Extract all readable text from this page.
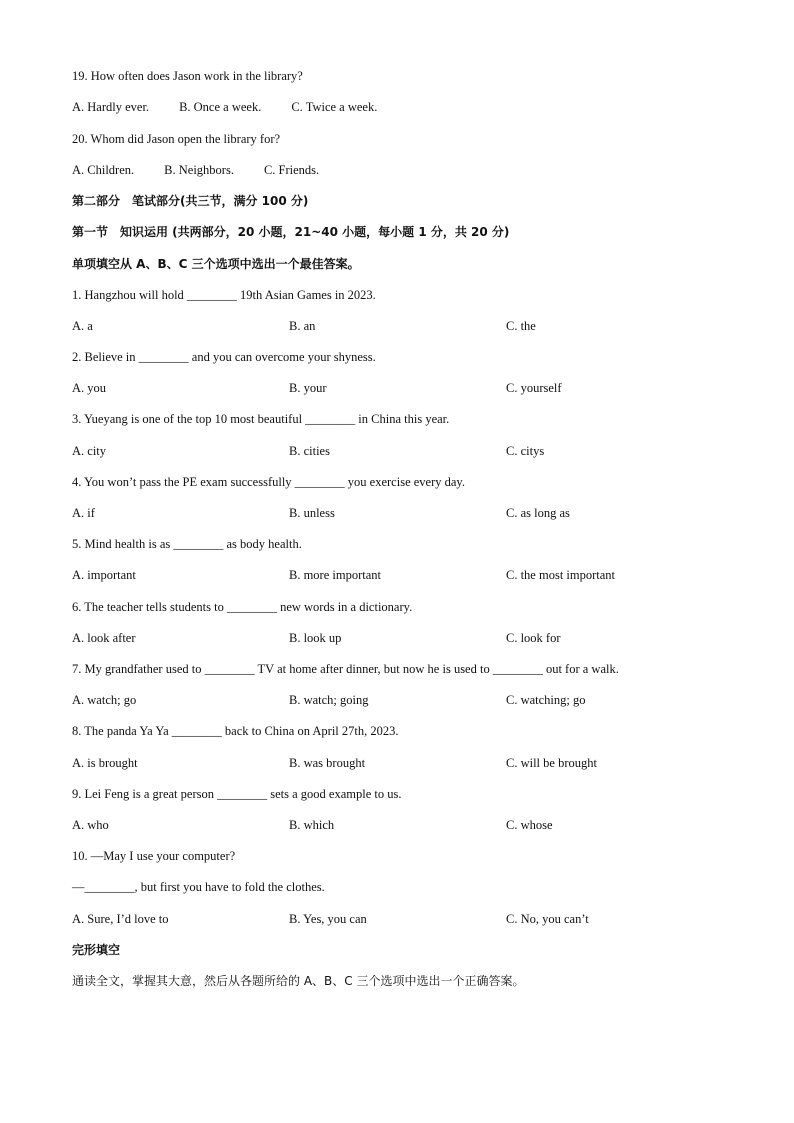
19. How often does Jason work in the library?
A. Hardly ever. B. Once a week. C. Twice a week.
20. Whom did Jason open the library for?
A. Children. B. Neighbors. C. Friends.
第二部分　笔试部分(共三节，满分 100 分)
第一节　知识运用 (共两部分，20 小题，21~40 小题，每小题 1 分，共 20 分)
单项填空从 A、B、C 三个选项中选出一个最佳答案。
1. Hangzhou will hold ________ 19th Asian Games in 2023.
A. a	B. an	C. the
2. Believe in ________ and you can overcome your shyness.
A. you	B. your	C. yourself
3. Yueyang is one of the top 10 most beautiful ________ in China this year.
A. city	B. cities	C. citys
4. You won’t pass the PE exam successfully ________ you exercise every day.
A. if	B. unless	C. as long as
5. Mind health is as ________ as body health.
A. important	B. more important	C. the most important
6. The teacher tells students to ________ new words in a dictionary.
A. look after	B. look up	C. look for
7. My grandfather used to ________ TV at home after dinner, but now he is used to ________ out for a walk.
A. watch; go	B. watch; going	C. watching; go
8. The panda Ya Ya ________ back to China on April 27th, 2023.
A. is brought	B. was brought	C. will be brought
9. Lei Feng is a great person ________ sets a good example to us.
A. who	B. which	C. whose
10. —May I use your computer?
—________, but first you have to fold the clothes.
A. Sure, I’d love to	B. Yes, you can	C. No, you can’t
完形填空
通读全文，掌握其大意，然后从各题所给的 A、B、C 三个选项中选出一个正确答案。
